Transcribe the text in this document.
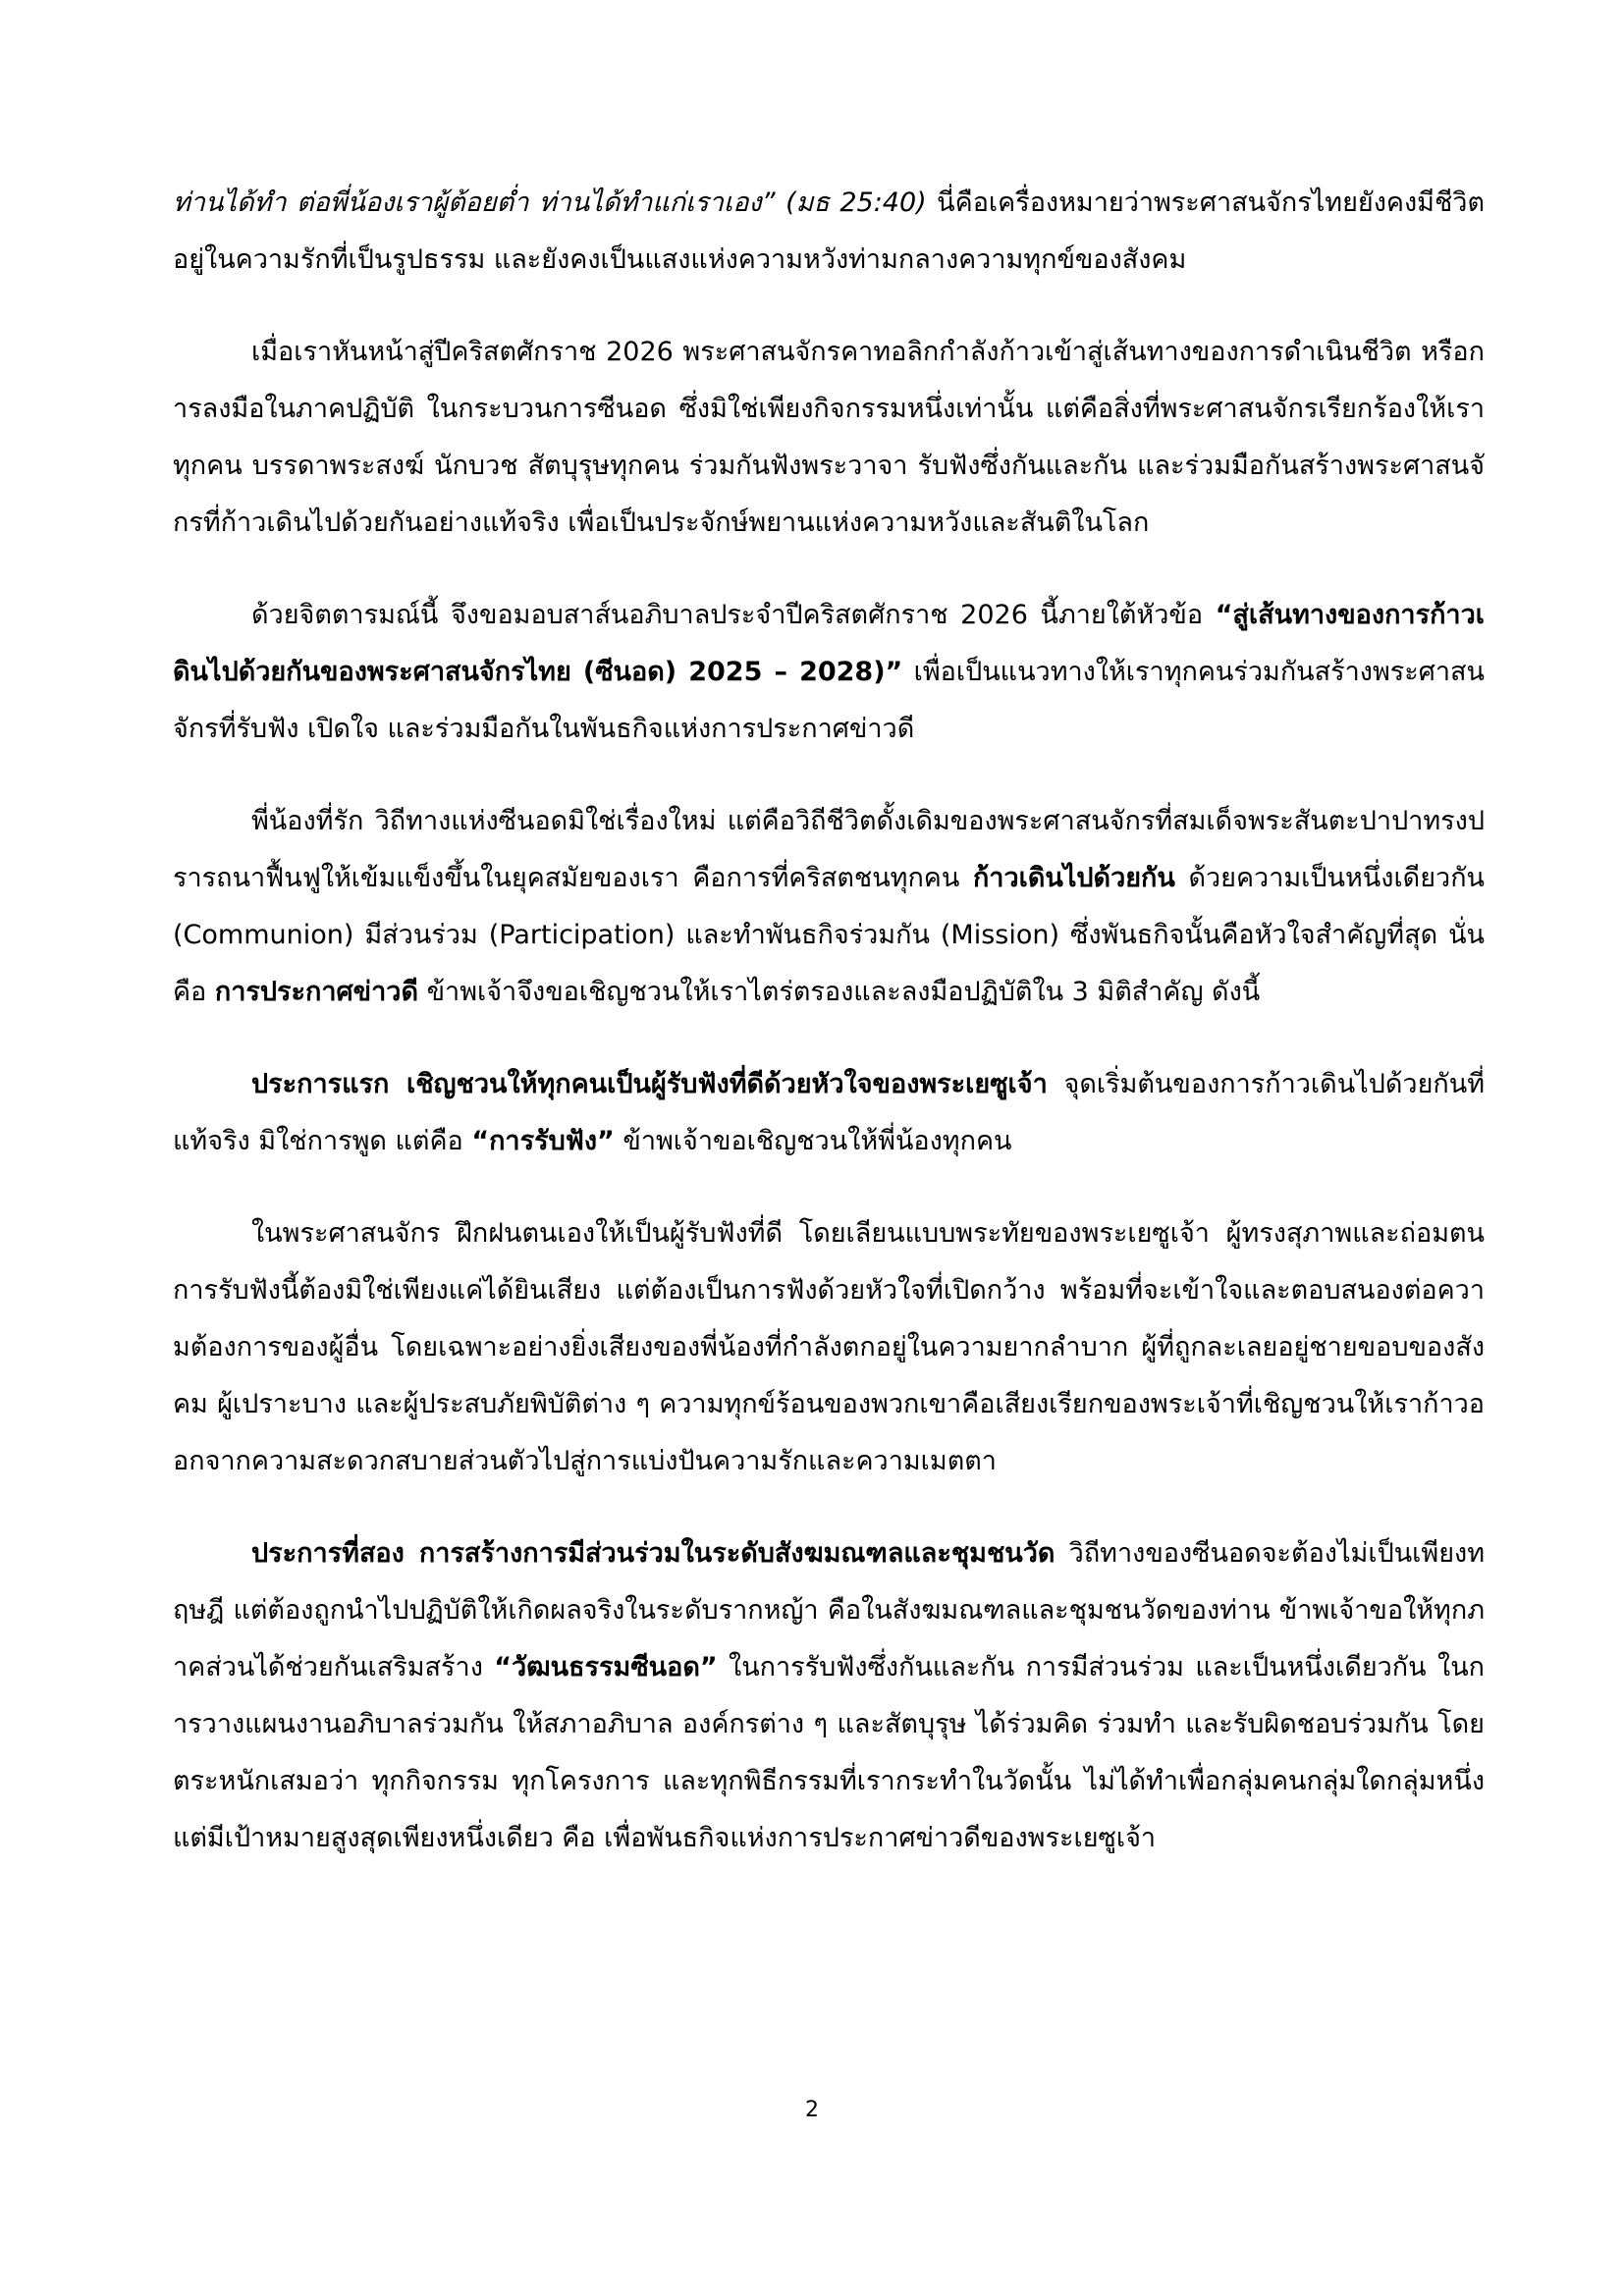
ท่านได้ทำ ต่อพี่น้องเราผู้ต้อยต่ำ ท่านได้ทำแก่เราเอง” (มธ 25:40) นี่คือเครื่องหมายว่าพระศาสนจักรไทยยังคงมีชีวิตอยู่ในความรักที่เป็นรูปธรรม และยังคงเป็นแสงแห่งความหวังท่ามกลางความทุกข์ของสังคม

เมื่อเราหันหน้าสู่ปีคริสตศักราช 2026 พระศาสนจักรคาทอลิกกำลังก้าวเข้าสู่เส้นทางของการดำเนินชีวิต หรือการลงมือในภาคปฏิบัติ ในกระบวนการซีนอด ซึ่งมิใช่เพียงกิจกรรมหนึ่งเท่านั้น แต่คือสิ่งที่พระศาสนจักรเรียกร้องให้เราทุกคน บรรดาพระสงฆ์ นักบวช สัตบุรุษทุกคน ร่วมกันฟังพระวาจา รับฟังซึ่งกันและกัน และร่วมมือกันสร้างพระศาสนจักรที่ก้าวเดินไปด้วยกันอย่างแท้จริง เพื่อเป็นประจักษ์พยานแห่งความหวังและสันติในโลก

ด้วยจิตตารมณ์นี้ จึงขอมอบสาส์นอภิบาลประจำปีคริสตศักราช 2026 นี้ภายใต้หัวข้อ “สู่เส้นทางของการก้าวเดินไปด้วยกันของพระศาสนจักรไทย (ซีนอด) 2025 – 2028)” เพื่อเป็นแนวทางให้เราทุกคนร่วมกันสร้างพระศาสนจักรที่รับฟัง เปิดใจ และร่วมมือกันในพันธกิจแห่งการประกาศข่าวดี

พี่น้องที่รัก วิถีทางแห่งซีนอดมิใช่เรื่องใหม่ แต่คือวิถีชีวิตดั้งเดิมของพระศาสนจักรที่สมเด็จพระสันตะปาปาทรงปรารถนาฟื้นฟูให้เข้มแข็งขึ้นในยุคสมัยของเรา คือการที่คริสตชนทุกคน ก้าวเดินไปด้วยกัน ด้วยความเป็นหนึ่งเดียวกัน (Communion) มีส่วนร่วม (Participation) และทำพันธกิจร่วมกัน (Mission) ซึ่งพันธกิจนั้นคือหัวใจสำคัญที่สุด นั่นคือ การประกาศข่าวดี ข้าพเจ้าจึงขอเชิญชวนให้เราไตร่ตรองและลงมือปฏิบัติใน 3 มิติสำคัญ ดังนี้

ประการแรก เชิญชวนให้ทุกคนเป็นผู้รับฟังที่ดีด้วยหัวใจของพระเยซูเจ้า จุดเริ่มต้นของการก้าวเดินไปด้วยกันที่แท้จริง มิใช่การพูด แต่คือ “การรับฟัง” ข้าพเจ้าขอเชิญชวนให้พี่น้องทุกคน

ในพระศาสนจักร ฝึกฝนตนเองให้เป็นผู้รับฟังที่ดี โดยเลียนแบบพระทัยของพระเยซูเจ้า ผู้ทรงสุภาพและถ่อมตน การรับฟังนี้ต้องมิใช่เพียงแค่ได้ยินเสียง แต่ต้องเป็นการฟังด้วยหัวใจที่เปิดกว้าง พร้อมที่จะเข้าใจและตอบสนองต่อความต้องการของผู้อื่น โดยเฉพาะอย่างยิ่งเสียงของพี่น้องที่กำลังตกอยู่ในความยากลำบาก ผู้ที่ถูกละเลยอยู่ชายขอบของสังคม ผู้เปราะบาง และผู้ประสบภัยพิบัติต่าง ๆ ความทุกข์ร้อนของพวกเขาคือเสียงเรียกของพระเจ้าที่เชิญชวนให้เราก้าวออกจากความสะดวกสบายส่วนตัวไปสู่การแบ่งปันความรักและความเมตตา

ประการที่สอง การสร้างการมีส่วนร่วมในระดับสังฆมณฑลและชุมชนวัด วิถีทางของซีนอดจะต้องไม่เป็นเพียงทฤษฎี แต่ต้องถูกนำไปปฏิบัติให้เกิดผลจริงในระดับรากหญ้า คือในสังฆมณฑลและชุมชนวัดของท่าน ข้าพเจ้าขอให้ทุกภาคส่วนได้ช่วยกันเสริมสร้าง “วัฒนธรรมซีนอด” ในการรับฟังซึ่งกันและกัน การมีส่วนร่วม และเป็นหนึ่งเดียวกัน ในการวางแผนงานอภิบาลร่วมกัน ให้สภาอภิบาล องค์กรต่าง ๆ และสัตบุรุษ ได้ร่วมคิด ร่วมทำ และรับผิดชอบร่วมกัน โดยตระหนักเสมอว่า ทุกกิจกรรม ทุกโครงการ และทุกพิธีกรรมที่เรากระทำในวัดนั้น ไม่ได้ทำเพื่อกลุ่มคนกลุ่มใดกลุ่มหนึ่ง แต่มีเป้าหมายสูงสุดเพียงหนึ่งเดียว คือ เพื่อพันธกิจแห่งการประกาศข่าวดีของพระเยซูเจ้า

2
